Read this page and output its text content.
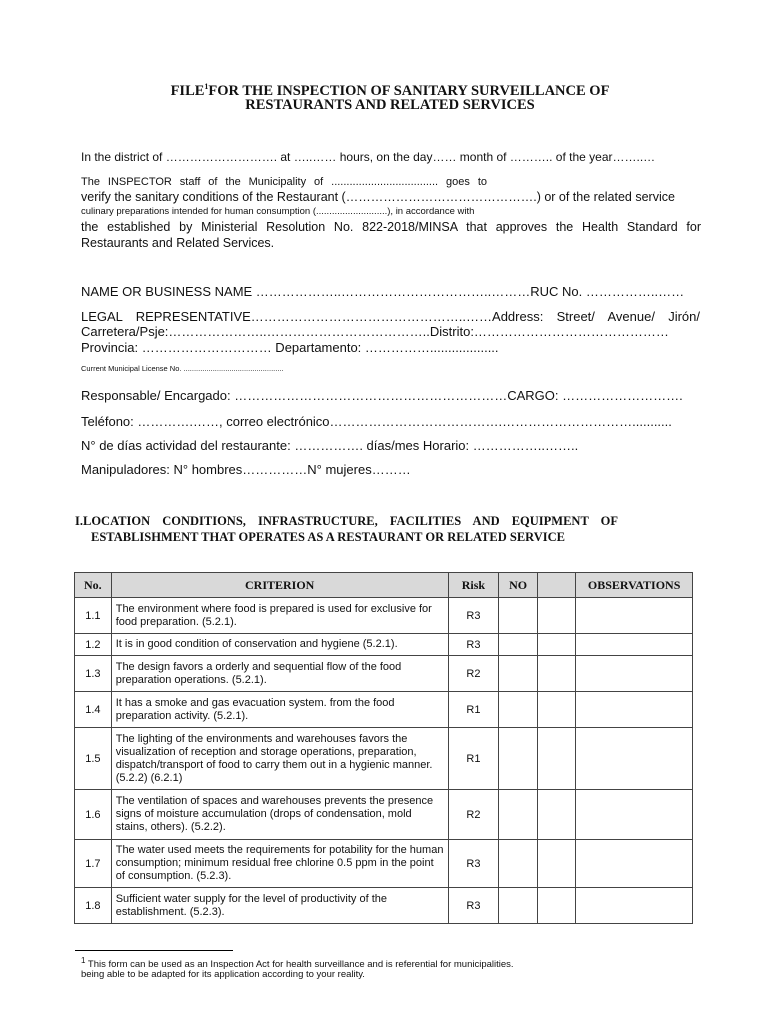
FILE$^1$FOR THE INSPECTION OF SANITARY SURVEILLANCE OF
RESTAURANTS AND RELATED SERVICES
In the district of ………………………. at …..…… hours, on the day…… month of ……….. of the year……..…
The INSPECTOR staff of the Municipality of ................................... goes to
verify the sanitary conditions of the Restaurant (……………………………………….) or of the related service
culinary preparations intended for human consumption (...........................), in accordance with
the established by Ministerial Resolution No. 822-2018/MINSA that approves the Health Standard for
Restaurants and Related Services.
NAME OR BUSINESS NAME ………………..……………………………..………RUC No. ……………..……
LEGAL REPRESENTATIVE…………………………………………..……Address: Street/ Avenue/ Jirón/
Carretera/Psje:…………………..………………………………..Distrito:………………………………………
Provincia: ………………………… Departamento: ……………...................
Current Municipal License No. ................................................
Responsable/ Encargado: ………………………………………………………CARGO: ……………………….
Teléfono: ………….……, correo electrónico………………………………….…………………………...........
N° de días actividad del restaurante: ……………. días/mes Horario: ……………..……..
Manipuladores: N° hombres……………N° mujeres………
I.LOCATION CONDITIONS, INFRASTRUCTURE, FACILITIES AND EQUIPMENT OF
ESTABLISHMENT THAT OPERATES AS A RESTAURANT OR RELATED SERVICE
No.	CRITERION	Risk	NO		OBSERVATIONS
1.1	The environment where food is prepared is used for exclusive for food preparation. (5.2.1).	R3			
1.2	It is in good condition of conservation and hygiene (5.2.1).	R3			
1.3	The design favors a orderly and sequential flow of the food preparation operations. (5.2.1).	R2			
1.4	It has a smoke and gas evacuation system. from the food preparation activity. (5.2.1).	R1			
1.5	The lighting of the environments and warehouses favors the visualization of reception and storage operations, preparation, dispatch/transport of food to carry them out in a hygienic manner. (5.2.2) (6.2.1)	R1			
1.6	The ventilation of spaces and warehouses prevents the presence signs of moisture accumulation (drops of condensation, mold stains, others). (5.2.2).	R2			
1.7	The water used meets the requirements for potability for the human consumption; minimum residual free chlorine 0.5 ppm in the point of consumption. (5.2.3).	R3			
1.8	Sufficient water supply for the level of productivity of the establishment. (5.2.3).	R3			
$^1$ This form can be used as an Inspection Act for health surveillance and is referential for municipalities.
being able to be adapted for its application according to your reality.
